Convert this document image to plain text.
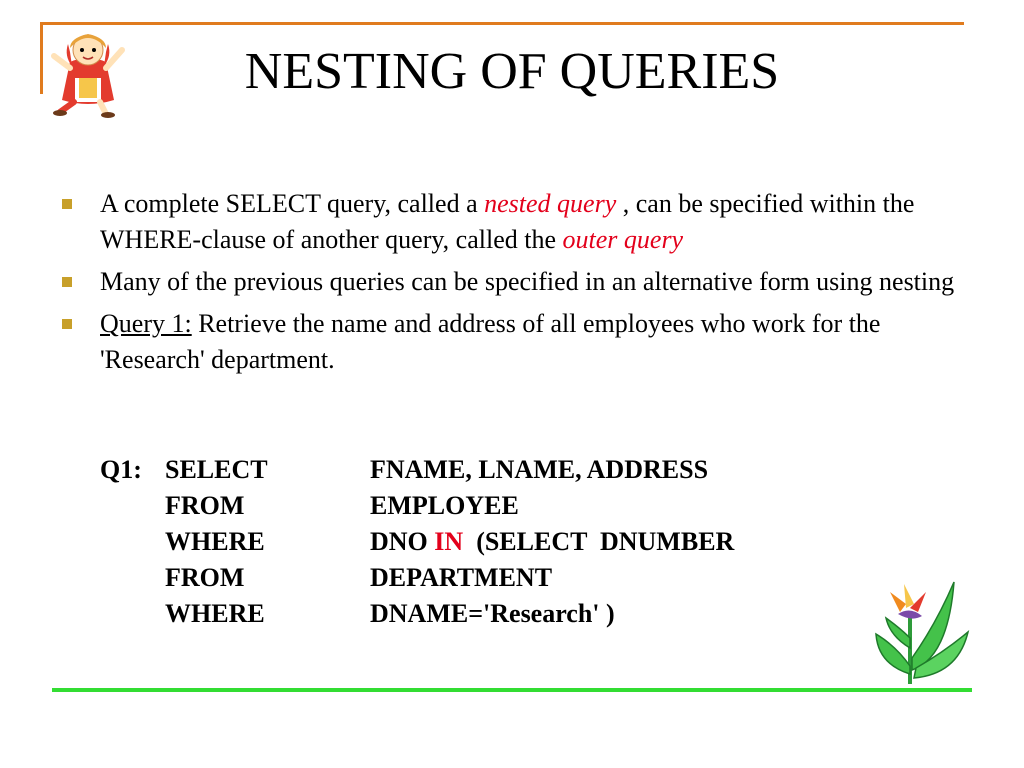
NESTING OF QUERIES
A complete SELECT query, called a nested query , can be specified within the WHERE-clause of another query, called the outer query
Many of the previous queries can be specified in an alternative form using nesting
Query 1: Retrieve the name and address of all employees who work for the 'Research' department.
Q1: SELECT	FNAME, LNAME, ADDRESS
FROM	EMPLOYEE
WHERE	DNO IN  (SELECT  DNUMBER
FROM	DEPARTMENT
WHERE	DNAME='Research' )
